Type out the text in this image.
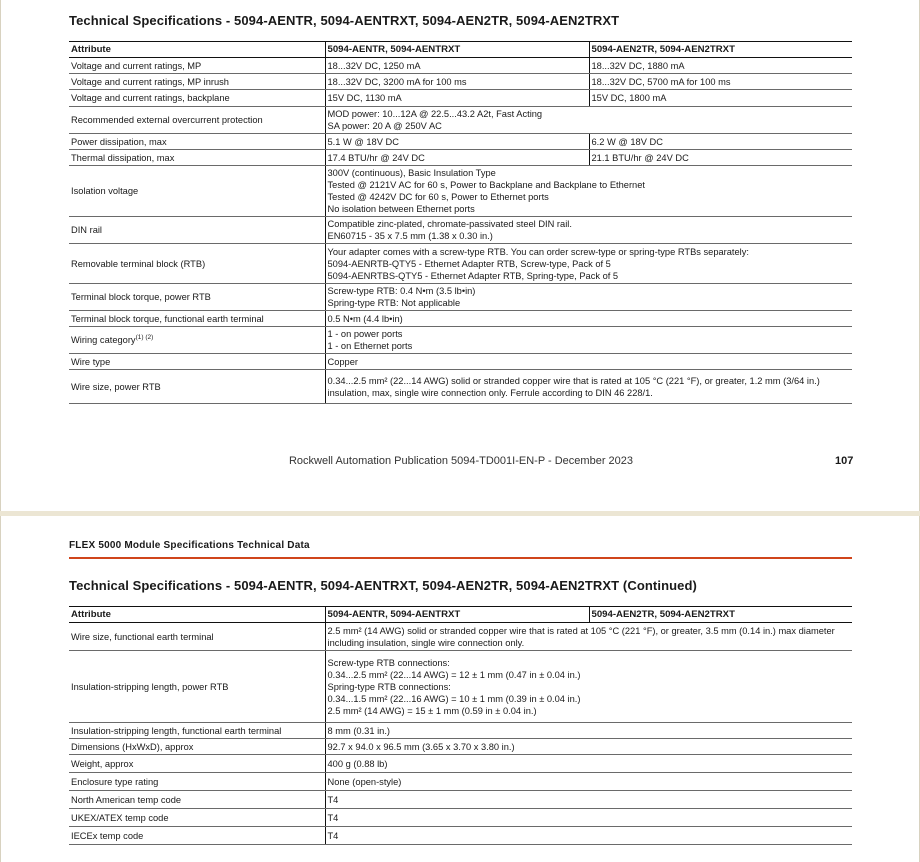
Technical Specifications - 5094-AENTR, 5094-AENTRXT, 5094-AEN2TR, 5094-AEN2TRXT
Attribute	5094-AENTR, 5094-AENTRXT	5094-AEN2TR, 5094-AEN2TRXT
Voltage and current ratings, MP	18...32V DC, 1250 mA	18...32V DC, 1880 mA
Voltage and current ratings, MP inrush	18...32V DC, 3200 mA for 100 ms	18...32V DC, 5700 mA for 100 ms
Voltage and current ratings, backplane	15V DC, 1130 mA	15V DC, 1800 mA
Recommended external overcurrent protection	MOD power: 10...12A @ 22.5...43.2 A2t, Fast Acting
SA power: 20 A @ 250V AC	

Power dissipation, max	5.1 W @ 18V DC	6.2 W @ 18V DC
Thermal dissipation, max	17.4 BTU/hr @ 24V DC	21.1 BTU/hr @ 24V DC
Isolation voltage	300V (continuous), Basic Insulation Type
Tested @ 2121V AC for 60 s, Power to Backplane and Backplane to Ethernet
Tested @ 4242V DC for 60 s, Power to Ethernet ports
No isolation between Ethernet ports	

DIN rail	Compatible zinc-plated, chromate-passivated steel DIN rail.
EN60715 - 35 x 7.5 mm (1.38 x 0.30 in.)	

Removable terminal block (RTB)	Your adapter comes with a screw-type RTB. You can order screw-type or spring-type RTBs separately:
5094-AENRTB-QTY5 - Ethernet Adapter RTB, Screw-type, Pack of 5
5094-AENRTBS-QTY5 - Ethernet Adapter RTB, Spring-type, Pack of 5	

Terminal block torque, power RTB	Screw-type RTB: 0.4 N•m (3.5 lb•in)
Spring-type RTB: Not applicable	

Terminal block torque, functional earth terminal	0.5 N•m (4.4 lb•in)	

Wiring category$^{(1) (2)}$	1 - on power ports
1 - on Ethernet ports	

Wire type	Copper	

Wire size, power RTB	0.34...2.5 mm² (22...14 AWG) solid or stranded copper wire that is rated at 105 °C (221 °F), or greater, 1.2 mm (3/64 in.) insulation, max, single wire connection only. Ferrule according to DIN 46 228/1.	
Rockwell Automation Publication 5094-TD001I-EN-P - December 2023	107
FLEX 5000 Module Specifications Technical Data
Technical Specifications - 5094-AENTR, 5094-AENTRXT, 5094-AEN2TR, 5094-AEN2TRXT (Continued)
Attribute	5094-AENTR, 5094-AENTRXT	5094-AEN2TR, 5094-AEN2TRXT
Wire size, functional earth terminal	2.5 mm² (14 AWG) solid or stranded copper wire that is rated at 105 °C (221 °F), or greater, 3.5 mm (0.14 in.) max diameter including insulation, single wire connection only.	

Insulation-stripping length, power RTB	Screw-type RTB connections:
0.34...2.5 mm² (22...14 AWG) = 12 ± 1 mm (0.47 in ± 0.04 in.)
Spring-type RTB connections:
0.34...1.5 mm² (22...16 AWG) = 10 ± 1 mm (0.39 in ± 0.04 in.)
2.5 mm² (14 AWG) = 15 ± 1 mm (0.59 in ± 0.04 in.)	

Insulation-stripping length, functional earth terminal	8 mm (0.31 in.)	

Dimensions (HxWxD), approx	92.7 x 94.0 x 96.5 mm (3.65 x 3.70 x 3.80 in.)	

Weight, approx	400 g (0.88 lb)	

Enclosure type rating	None (open-style)	

North American temp code	T4	

UKEX/ATEX temp code	T4	

IECEx temp code	T4	
